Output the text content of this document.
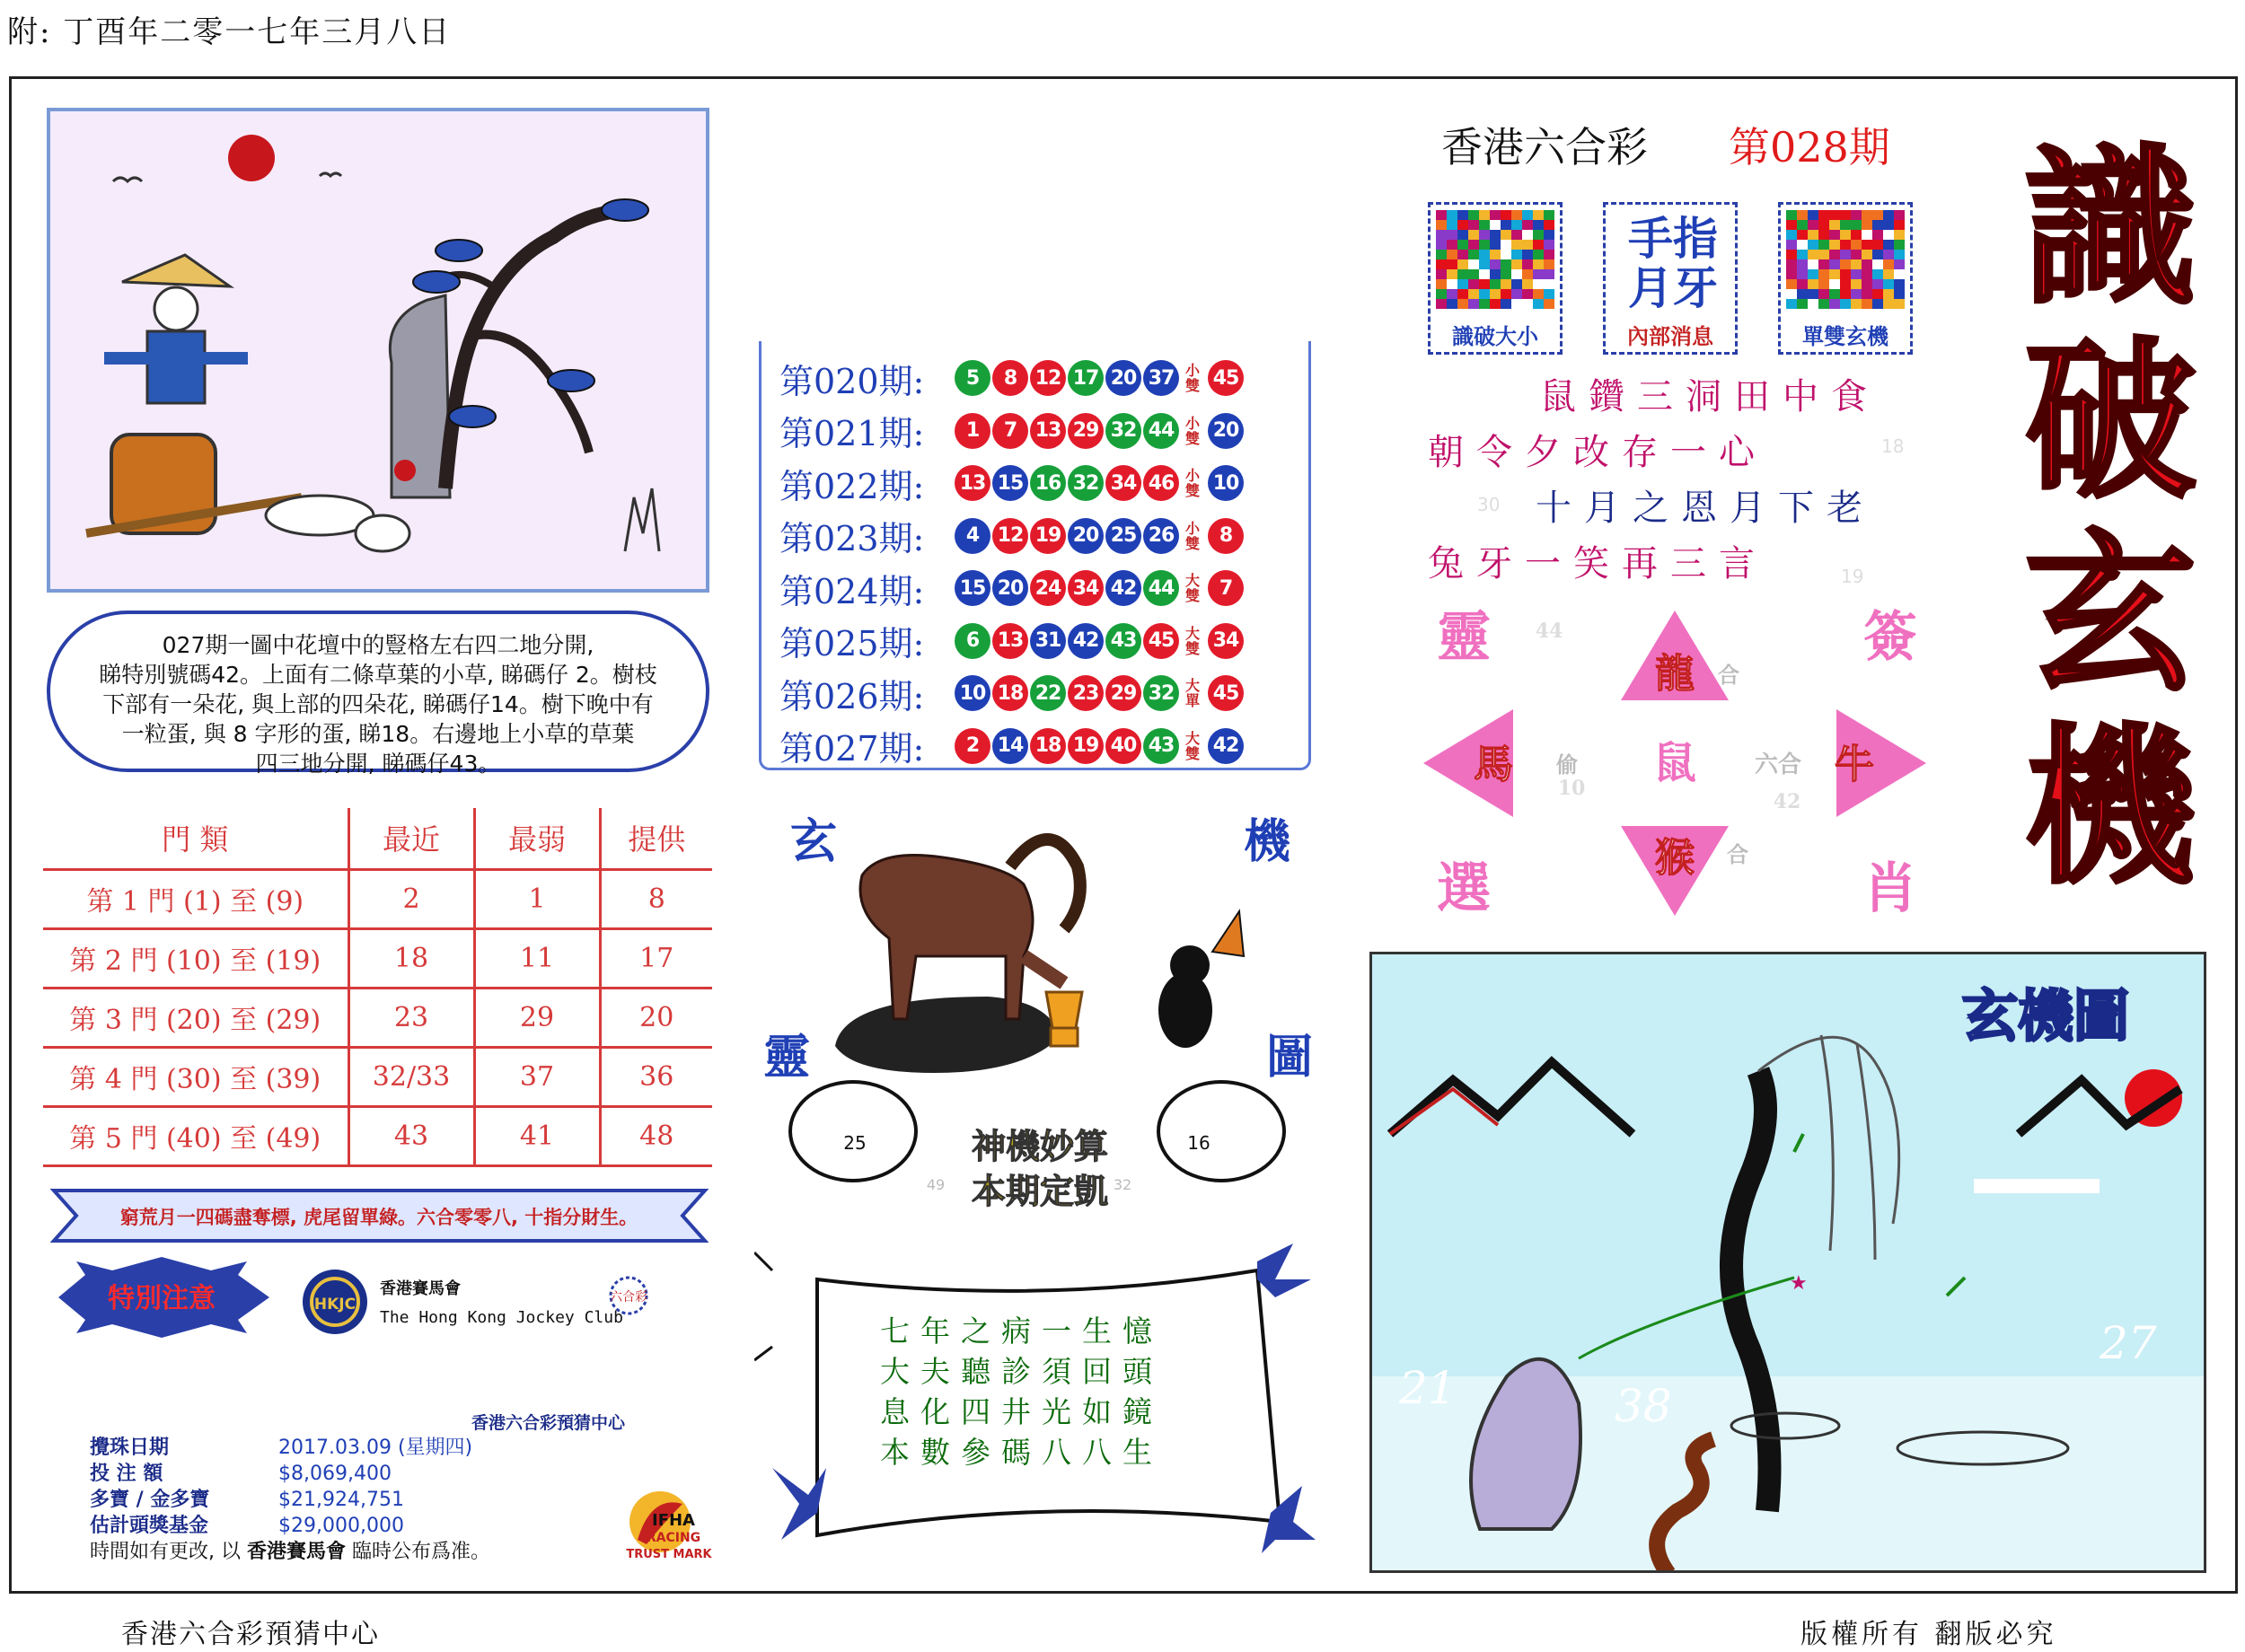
附: 丁酉年二零一七年三月八日
027期一圖中花壇中的豎格左右四二地分開,
睇特別號碼42。上面有二條草葉的小草, 睇碼仔 2。樹枝
下部有一朵花, 與上部的四朵花, 睇碼仔14。樹下晚中有
一粒蛋, 與 8 字形的蛋, 睇18。右邊地上小草的草葉
四三地分開, 睇碼仔43。
第020期:	5	8 12 17 20 37 小雙 45
第021期:	1	7 13 29 32 44 小雙 20
第022期:	13 15 16 32 34 46 小雙 10
第023期:	4 12 19 20 25 26 小雙 8
第024期:	15 20 24 34 42 44 大雙 7
第025期:	6 13 31 42 43 45 大雙 34
第026期:	10 18 22 23 29 32 大單 45
第027期:	2 14 18 19 40 43 大雙 42
門 類	最近	最弱	提供
第 1 門 (1) 至 (9)	2	1	8
第 2 門 (10) 至 (19)	18	11	17
第 3 門 (20) 至 (29)	23	29	20
第 4 門 (30) 至 (39)	32/33	37	36
第 5 門 (40) 至 (49)	43	41	48
窮荒月一四碼盡奪標, 虎尾留單綠。六合零零八, 十指分財生。
特別注意	HKJC
香港賽馬會
The Hong Kong Jockey Club
六合彩
香港六合彩預猜中心
攪珠日期	2017.03.09 (星期四)
投 注 額	$8,069,400
多寶 / 金多寶	$21,924,751
估計頭獎基金	$29,000,000
時間如有更改, 以 香港賽馬會 臨時公布爲准。
IFHA
RACING
TRUST MARK
玄	機
靈	圖
25	16
49	32
神機妙算
本期定凱
七年之病一生憶
大夫聽診須回頭
息化四井光如鏡
本數參碼八八生
香港六合彩 第028期
識破大小
手指月牙
內部消息	單雙玄機
鼠鑽三洞田中食
朝令夕改存一心
十月之恩月下老
兔牙一笑再三言
18
30
19
龍
猴
馬	牛
鼠
靈	簽
選	肖
偷	六合
合
合
44
10
42
識
破
玄
機
玄機圖
★
21	38
27
香港六合彩預猜中心	版權所有 翻版必究
